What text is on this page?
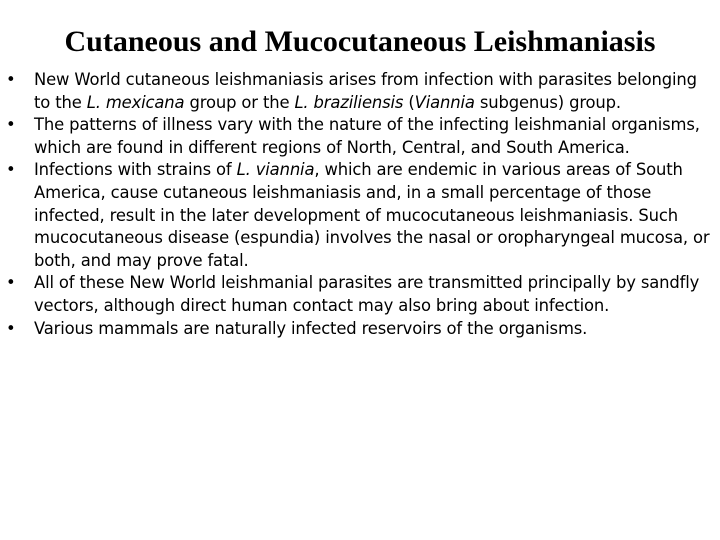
Cutaneous and Mucocutaneous Leishmaniasis
•	New World cutaneous leishmaniasis arises from infection with parasites belonging to the L. mexicana group or the L. braziliensis (Viannia subgenus) group.
•	The patterns of illness vary with the nature of the infecting leishmanial organisms, which are found in different regions of North, Central, and South America.
•	Infections with strains of L. viannia, which are endemic in various areas of South America, cause cutaneous leishmaniasis and, in a small percentage of those infected, result in the later development of mucocutaneous leishmaniasis. Such mucocutaneous disease (espundia) involves the nasal or oropharyngeal mucosa, or both, and may prove fatal.
•	All of these New World leishmanial parasites are transmitted principally by sandfly vectors, although direct human contact may also bring about infection.
•	Various mammals are naturally infected reservoirs of the organisms.
